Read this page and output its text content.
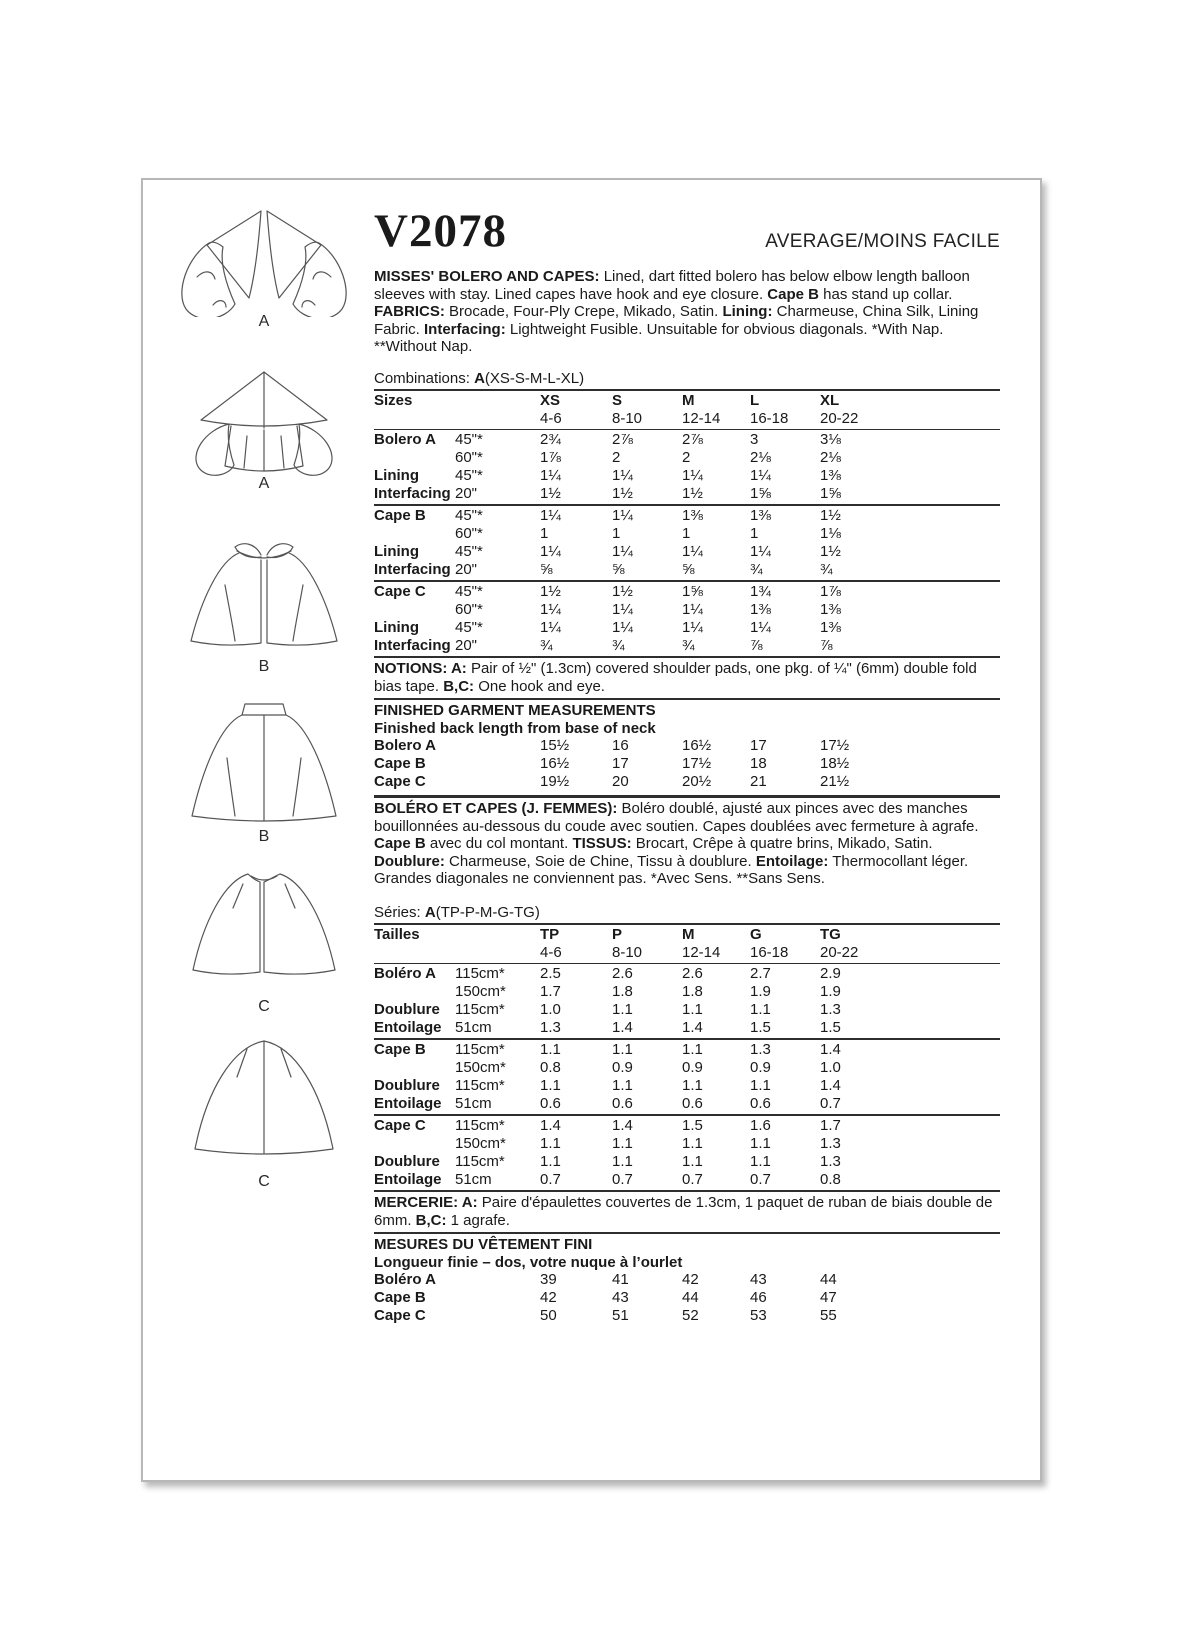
A
A
B
B
C
C
V2078	AVERAGE/MOINS FACILE

MISSES' BOLERO AND CAPES: Lined, dart fitted bolero has below elbow length balloon sleeves with stay. Lined capes have hook and eye closure. Cape B has stand up collar. FABRICS: Brocade, Four-Ply Crepe, Mikado, Satin. Lining: Charmeuse, China Silk, Lining Fabric. Interfacing: Lightweight Fusible. Unsuitable for obvious diagonals. *With Nap. **Without Nap.

Combinations: A(XS-S-M-L-XL)
Sizes	XS	S	M	L	XL
4-6	8-10	12-14	16-18	20-22
Bolero A	45"*	2¾	2⅞	2⅞	3	3⅛
60"*	1⅞	2	2	2⅛	2⅛
Lining	45"*	1¼	1¼	1¼	1¼	1⅜
Interfacing 20"	1½	1½	1½	1⅝	1⅝
Cape B	45"*	1¼	1¼	1⅜	1⅜	1½
60"*	1	1	1	1	1⅛
Lining	45"*	1¼	1¼	1¼	1¼	1½
Interfacing 20"	⅝	⅝	⅝	¾	¾
Cape C	45"*	1½	1½	1⅝	1¾	1⅞
60"*	1¼	1¼	1¼	1⅜	1⅜
Lining	45"*	1¼	1¼	1¼	1¼	1⅜
Interfacing 20"	¾	¾	¾	⅞	⅞

NOTIONS: A: Pair of ½" (1.3cm) covered shoulder pads, one pkg. of ¼" (6mm) double fold bias tape. B,C: One hook and eye.

FINISHED GARMENT MEASUREMENTS
Finished back length from base of neck
Bolero A	15½	16	16½	17	17½
Cape B	16½	17	17½	18	18½
Cape C	19½	20	20½	21	21½

BOLÉRO ET CAPES (J. FEMMES): Boléro doublé, ajusté aux pinces avec des manches bouillonnées au-dessous du coude avec soutien. Capes doublées avec fermeture à agrafe. Cape B avec du col montant. TISSUS: Brocart, Crêpe à quatre brins, Mikado, Satin. Doublure: Charmeuse, Soie de Chine, Tissu à doublure. Entoilage: Thermocollant léger. Grandes diagonales ne conviennent pas. *Avec Sens. **Sans Sens.

Séries: A(TP-P-M-G-TG)
Tailles	TP	P	M	G	TG
4-6	8-10	12-14	16-18	20-22
Boléro A	115cm*	2.5	2.6	2.6	2.7	2.9
150cm*	1.7	1.8	1.8	1.9	1.9
Doublure	115cm*	1.0	1.1	1.1	1.1	1.3
Entoilage 51cm	1.3	1.4	1.4	1.5	1.5
Cape B	115cm*	1.1	1.1	1.1	1.3	1.4
150cm*	0.8	0.9	0.9	0.9	1.0
Doublure	115cm*	1.1	1.1	1.1	1.1	1.4
Entoilage 51cm	0.6	0.6	0.6	0.6	0.7
Cape C	115cm*	1.4	1.4	1.5	1.6	1.7
150cm*	1.1	1.1	1.1	1.1	1.3
Doublure	115cm*	1.1	1.1	1.1	1.1	1.3
Entoilage 51cm	0.7	0.7	0.7	0.7	0.8

MERCERIE: A: Paire d'épaulettes couvertes de 1.3cm, 1 paquet de ruban de biais double de 6mm. B,C: 1 agrafe.

MESURES DU VÊTEMENT FINI
Longueur finie – dos, votre nuque à l’ourlet
Boléro A	39	41	42	43	44
Cape B	42	43	44	46	47
Cape C	50	51	52	53	55
